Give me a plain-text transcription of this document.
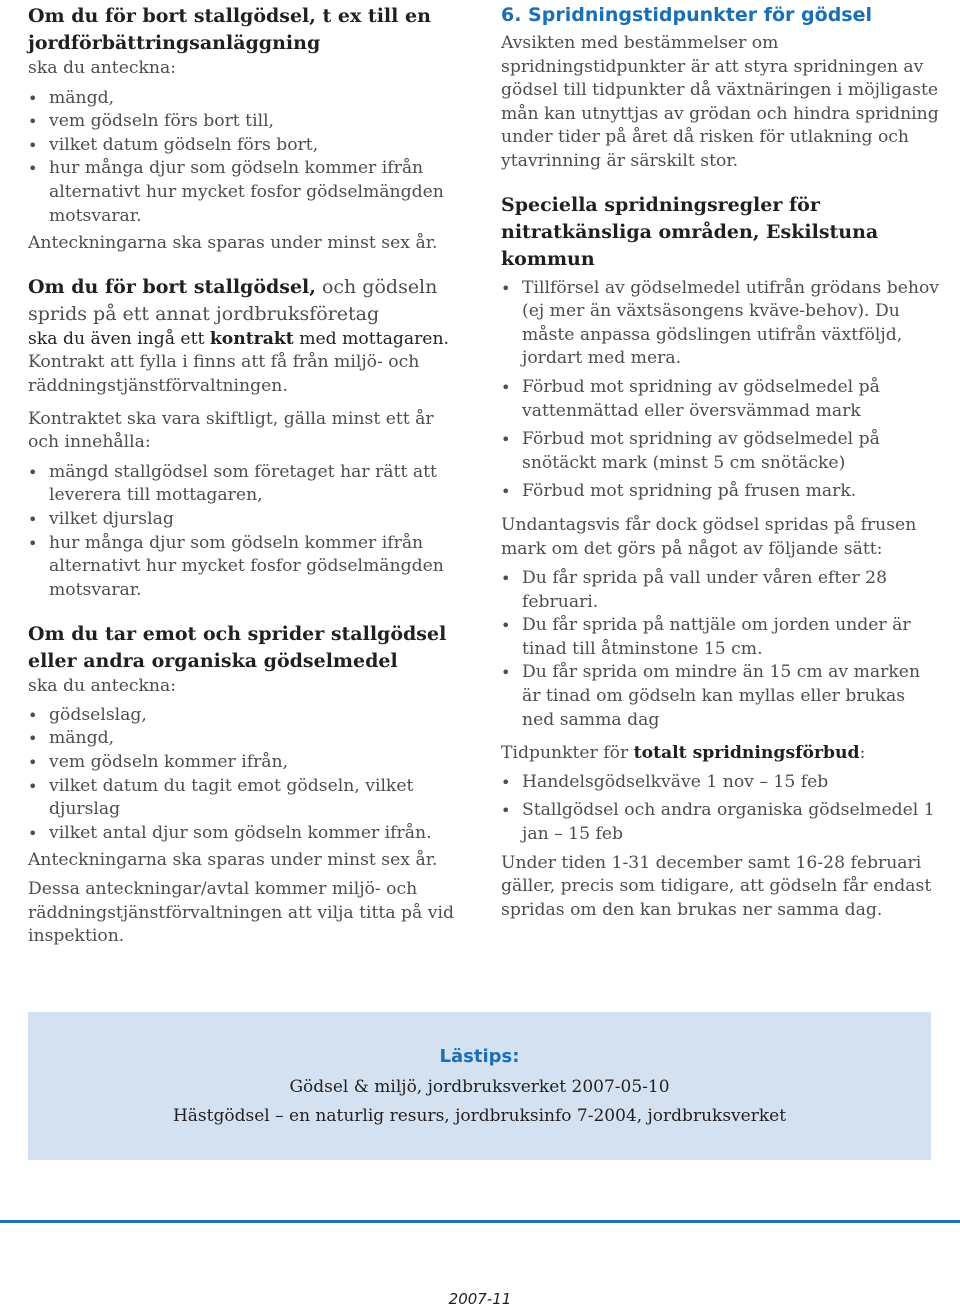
Om du för bort stallgödsel, t ex till en jordförbättringsanläggning

ska du anteckna:

• mängd,
• vem gödseln förs bort till,
• vilket datum gödseln förs bort,
• hur många djur som gödseln kommer ifrån alternativt hur mycket fosfor gödselmängden motsvarar.

Anteckningarna ska sparas under minst sex år.

Om du för bort stallgödsel, och gödseln sprids på ett annat jordbruksföretag

ska du även ingå ett kontrakt med mottagaren.

Kontrakt att fylla i finns att få från miljö- och räddningstjänstförvaltningen.

Kontraktet ska vara skiftligt, gälla minst ett år och innehålla:

• mängd stallgödsel som företaget har rätt att leverera till mottagaren,
• vilket djurslag
• hur många djur som gödseln kommer ifrån alternativt hur mycket fosfor gödselmängden motsvarar.

Om du tar emot och sprider stallgödsel eller andra organiska gödselmedel

ska du anteckna:

• gödselslag,
• mängd,
• vem gödseln kommer ifrån,
• vilket datum du tagit emot gödseln, vilket djurslag
• vilket antal djur som gödseln kommer ifrån.

Anteckningarna ska sparas under minst sex år.

Dessa anteckningar/avtal kommer miljö- och räddningstjänstförvaltningen att vilja titta på vid inspektion.

6. Spridningstidpunkter för gödsel

Avsikten med bestämmelser om spridningstidpunkter är att styra spridningen av gödsel till tidpunkter då växtnäringen i möjligaste mån kan utnyttjas av grödan och hindra spridning under tider på året då risken för utlakning och ytavrinning är särskilt stor.

Speciella spridningsregler för nitratkänsliga områden, Eskilstuna kommun

• Tillförsel av gödselmedel utifrån grödans behov (ej mer än växtsäsongens kväve-behov). Du måste anpassa gödslingen utifrån växtföljd, jordart med mera.
• Förbud mot spridning av gödselmedel på vattenmättad eller översvämmad mark
• Förbud mot spridning av gödselmedel på snötäckt mark (minst 5 cm snötäcke)
• Förbud mot spridning på frusen mark.

Undantagsvis får dock gödsel spridas på frusen mark om det görs på något av följande sätt:

• Du får sprida på vall under våren efter 28 februari.
• Du får sprida på nattjäle om jorden under är tinad till åtminstone 15 cm.
• Du får sprida om mindre än 15 cm av marken är tinad om gödseln kan myllas eller brukas ned samma dag

Tidpunkter för totalt spridningsförbud:

• Handelsgödselkväve 1 nov – 15 feb
• Stallgödsel och andra organiska gödselmedel 1 jan – 15 feb

Under tiden 1-31 december samt 16-28 februari gäller, precis som tidigare, att gödseln får endast spridas om den kan brukas ner samma dag.

Lästips:
Gödsel & miljö, jordbruksverket 2007-05-10
Hästgödsel – en naturlig resurs, jordbruksinfo 7-2004, jordbruksverket
2007-11
